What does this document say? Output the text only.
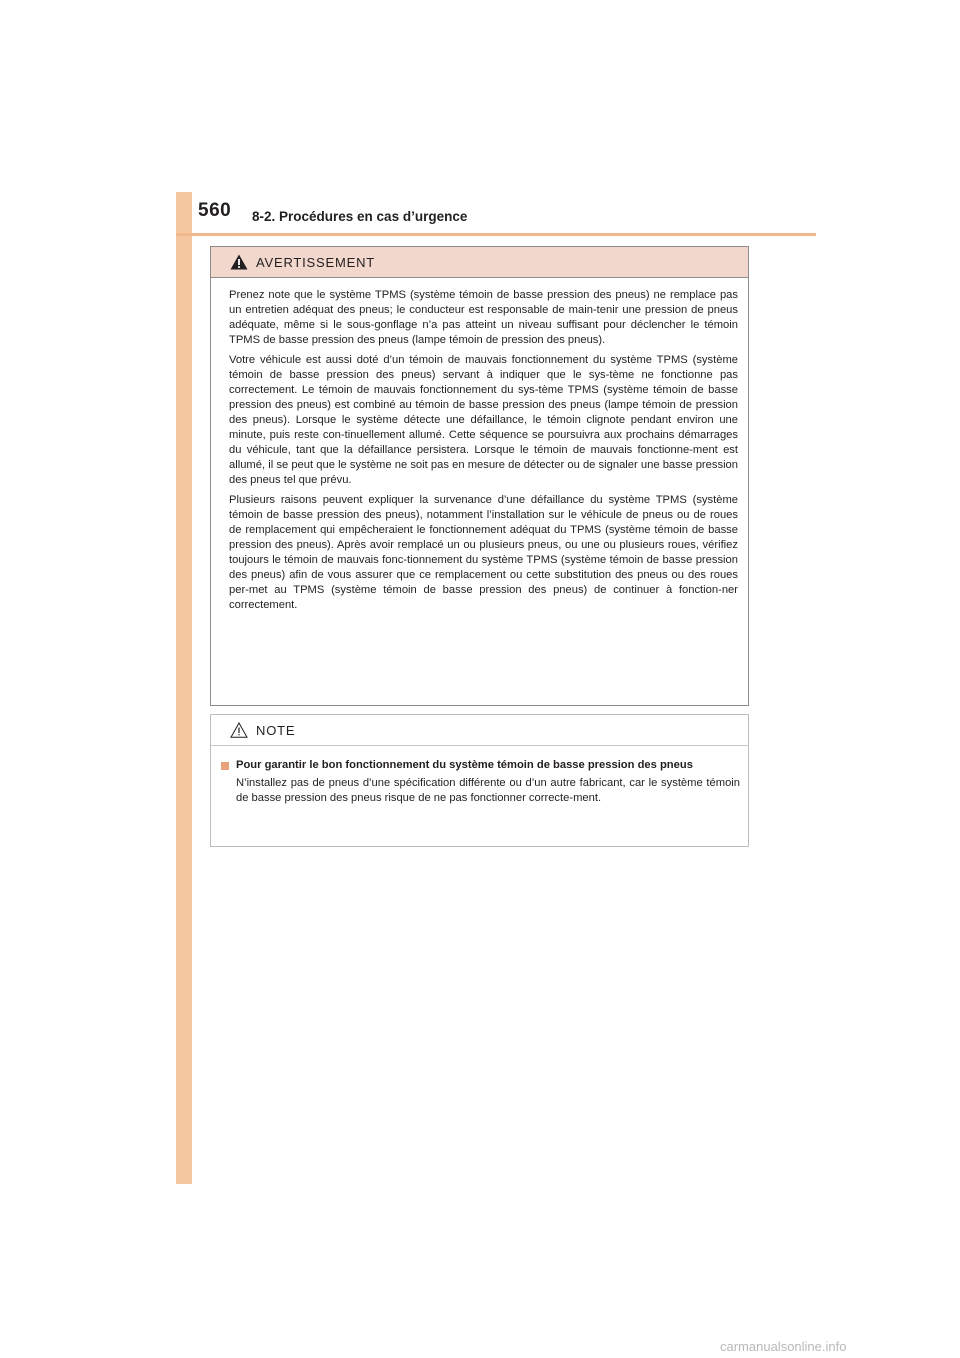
560 8-2. Procédures en cas d’urgence
AVERTISSEMENT

Prenez note que le système TPMS (système témoin de basse pression des pneus) ne remplace pas un entretien adéquat des pneus; le conducteur est responsable de main-tenir une pression de pneus adéquate, même si le sous-gonflage n’a pas atteint un niveau suffisant pour déclencher le témoin TPMS de basse pression des pneus (lampe témoin de pression des pneus).

Votre véhicule est aussi doté d’un témoin de mauvais fonctionnement du système TPMS (système témoin de basse pression des pneus) servant à indiquer que le sys-tème ne fonctionne pas correctement. Le témoin de mauvais fonctionnement du sys-tème TPMS (système témoin de basse pression des pneus) est combiné au témoin de basse pression des pneus (lampe témoin de pression des pneus). Lorsque le système détecte une défaillance, le témoin clignote pendant environ une minute, puis reste con-tinuellement allumé. Cette séquence se poursuivra aux prochains démarrages du véhicule, tant que la défaillance persistera. Lorsque le témoin de mauvais fonctionne-ment est allumé, il se peut que le système ne soit pas en mesure de détecter ou de signaler une basse pression des pneus tel que prévu.

Plusieurs raisons peuvent expliquer la survenance d’une défaillance du système TPMS (système témoin de basse pression des pneus), notamment l’installation sur le véhicule de pneus ou de roues de remplacement qui empêcheraient le fonctionnement adéquat du TPMS (système témoin de basse pression des pneus). Après avoir remplacé un ou plusieurs pneus, ou une ou plusieurs roues, vérifiez toujours le témoin de mauvais fonc-tionnement du système TPMS (système témoin de basse pression des pneus) afin de vous assurer que ce remplacement ou cette substitution des pneus ou des roues per-met au TPMS (système témoin de basse pression des pneus) de continuer à fonction-ner correctement.

NOTE
Pour garantir le bon fonctionnement du système témoin de basse pression des pneus

N’installez pas de pneus d’une spécification différente ou d’un autre fabricant, car le système témoin de basse pression des pneus risque de ne pas fonctionner correcte-ment.

carmanualsonline.info
